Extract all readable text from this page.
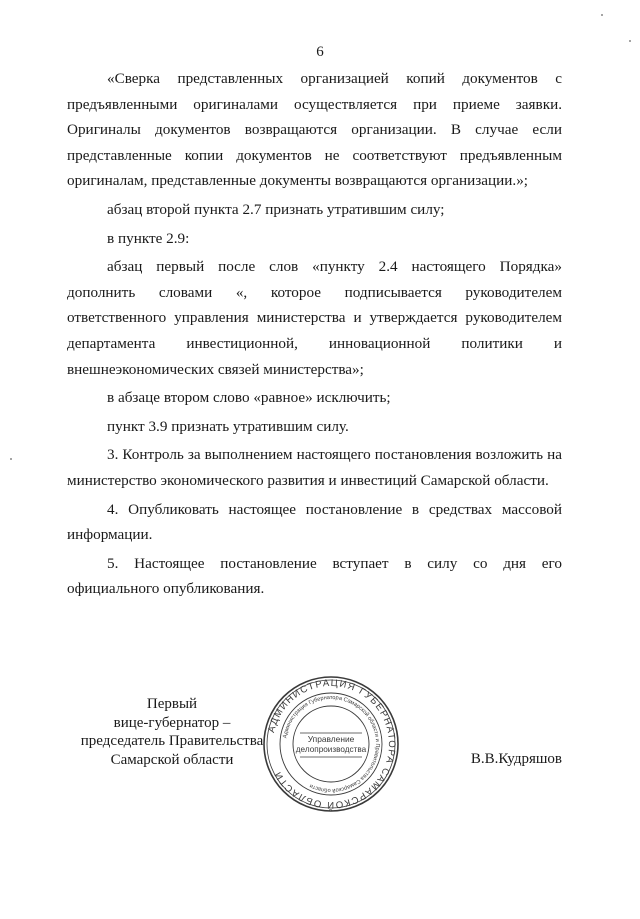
6

«Сверка представленных организацией копий документов с предъявленными оригиналами осуществляется при приеме заявки. Оригиналы документов возвращаются организации. В случае если представленные копии документов не соответствуют предъявленным оригиналам, представленные документы возвращаются организации.»;

абзац второй пункта 2.7 признать утратившим силу;

в пункте 2.9:

абзац первый после слов «пункту 2.4 настоящего Порядка» дополнить словами «, которое подписывается руководителем ответственного управления министерства и утверждается руководителем департамента инвестиционной, инновационной политики и внешнеэкономических связей министерства»;

в абзаце втором слово «равное» исключить;

пункт 3.9 признать утратившим силу.

3. Контроль за выполнением настоящего постановления возложить на министерство экономического развития и инвестиций Самарской области.

4. Опубликовать настоящее постановление в средствах массовой информации.

5. Настоящее постановление вступает в силу со дня его официального опубликования.

Первый
вице-губернатор –
председатель Правительства
Самарской области	В.В.Кудряшов
АДМИНИСТРАЦИЯ ГУБЕРНАТОРА САМАРСКОЙ ОБЛАСТИ
Администрация Губернатора Самарской области и Правительства Самарской области
Управление
делопроизводства
